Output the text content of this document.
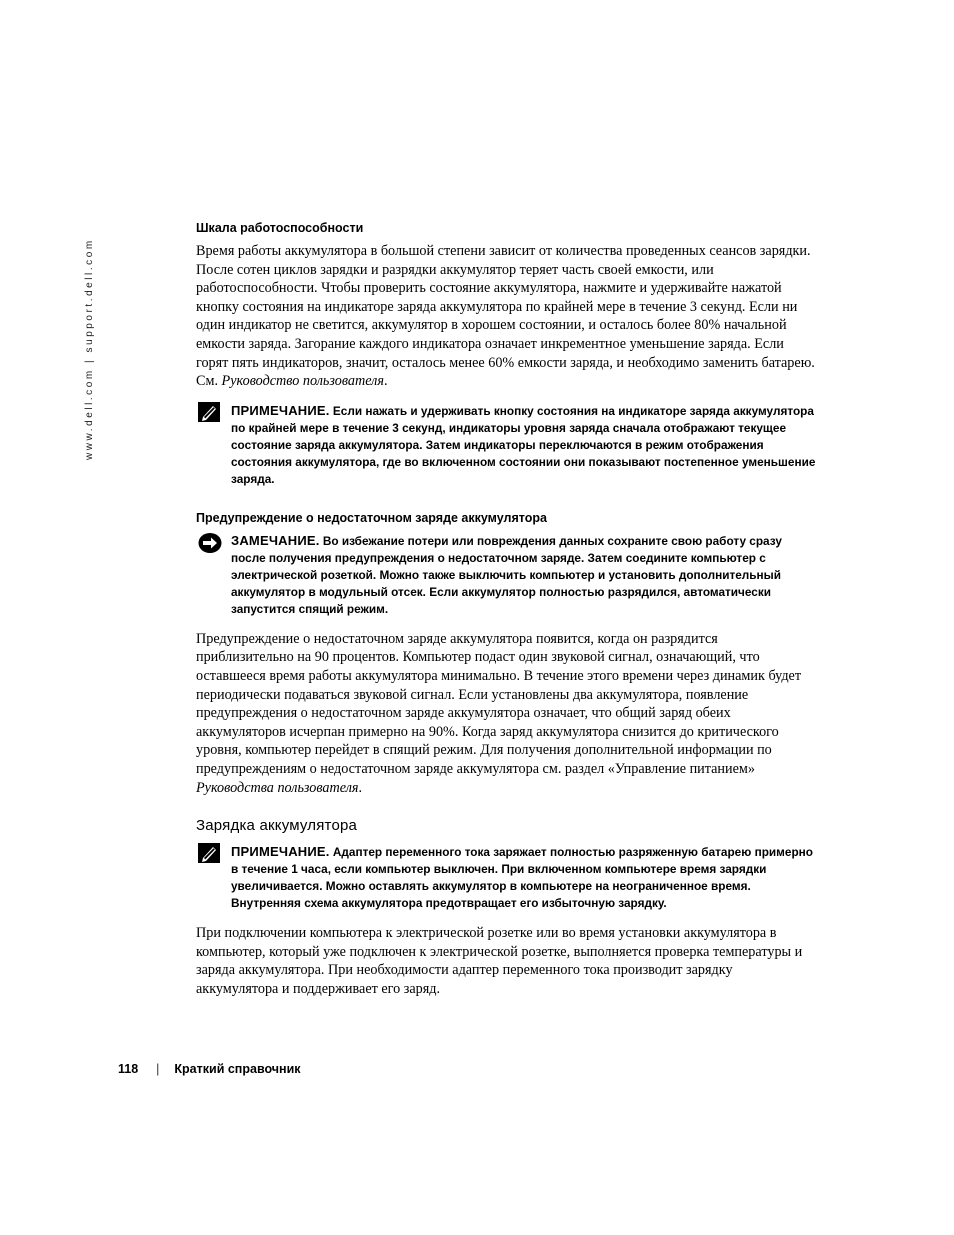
www.dell.com | support.dell.com
Шкала работоспособности

Время работы аккумулятора в большой степени зависит от количества проведенных сеансов зарядки. После сотен циклов зарядки и разрядки аккумулятор теряет часть своей емкости, или работоспособности. Чтобы проверить состояние аккумулятора, нажмите и удерживайте нажатой кнопку состояния на индикаторе заряда аккумулятора по крайней мере в течение 3 секунд. Если ни один индикатор не светится, аккумулятор в хорошем состоянии, и осталось более 80% начальной емкости заряда. Загорание каждого индикатора означает инкрементное уменьшение заряда. Если горят пять индикаторов, значит, осталось менее 60% емкости заряда, и необходимо заменить батарею. См. Руководство пользователя.

ПРИМЕЧАНИЕ. Если нажать и удерживать кнопку состояния на индикаторе заряда аккумулятора по крайней мере в течение 3 секунд, индикаторы уровня заряда сначала отображают текущее состояние заряда аккумулятора. Затем индикаторы переключаются в режим отображения состояния аккумулятора, где во включенном состоянии они показывают постепенное уменьшение заряда.
Предупреждение о недостаточном заряде аккумулятора
ЗАМЕЧАНИЕ. Во избежание потери или повреждения данных сохраните свою работу сразу после получения предупреждения о недостаточном заряде. Затем соедините компьютер с электрической розеткой. Можно также выключить компьютер и установить дополнительный аккумулятор в модульный отсек. Если аккумулятор полностью разрядился, автоматически запустится спящий режим.

Предупреждение о недостаточном заряде аккумулятора появится, когда он разрядится приблизительно на 90 процентов. Компьютер подаст один звуковой сигнал, означающий, что оставшееся время работы аккумулятора минимально. В течение этого времени через динамик будет периодически подаваться звуковой сигнал. Если установлены два аккумулятора, появление предупреждения о недостаточном заряде аккумулятора означает, что общий заряд обеих аккумуляторов исчерпан примерно на 90%. Когда заряд аккумулятора снизится до критического уровня, компьютер перейдет в спящий режим. Для получения дополнительной информации по предупреждениям о недостаточном заряде аккумулятора см. раздел «Управление питанием» Руководства пользователя.

Зарядка аккумулятора
ПРИМЕЧАНИЕ. Адаптер переменного тока заряжает полностью разряженную батарею примерно в течение 1 часа, если компьютер выключен. При включенном компьютере время зарядки увеличивается. Можно оставлять аккумулятор в компьютере на неограниченное время. Внутренняя схема аккумулятора предотвращает его избыточную зарядку.

При подключении компьютера к электрической розетке или во время установки аккумулятора в компьютер, который уже подключен к электрической розетке, выполняется проверка температуры и заряда аккумулятора. При необходимости адаптер переменного тока производит зарядку аккумулятора и поддерживает его заряд.

118 | Краткий справочник
